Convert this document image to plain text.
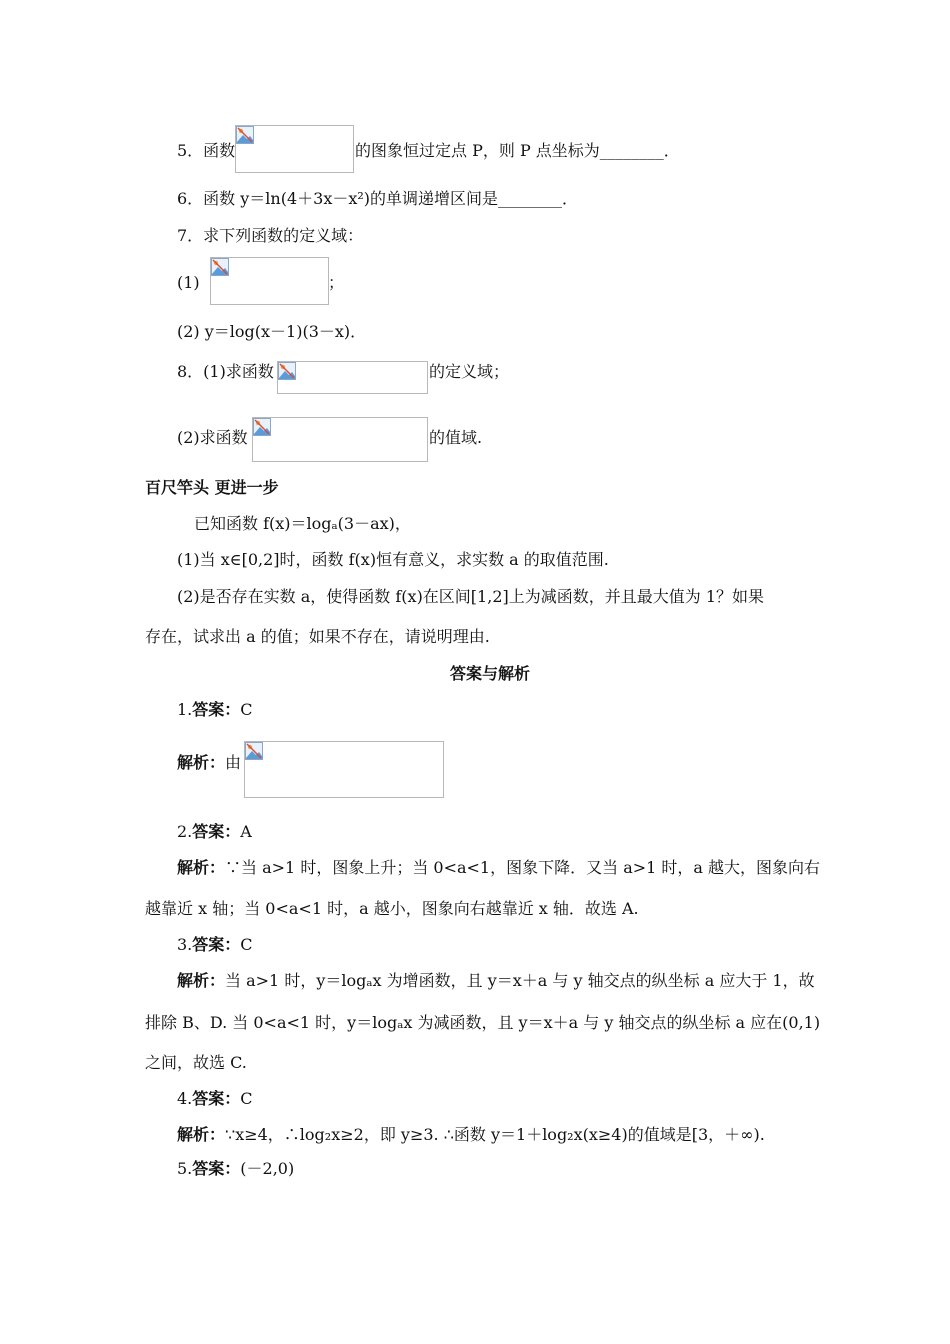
5．函数	的图象恒过定点 P，则 P 点坐标为________．
6．函数 y＝ln(4＋3x－x²)的单调递增区间是________．
7．求下列函数的定义域：
(1)	；
(2) y＝log(x－1)(3－x)．
8．(1)求函数	的定义域；
(2)求函数	的值域.
百尺竿头 更进一步
已知函数 f(x)＝logₐ(3－ax)，
(1)当 x∈[0,2]时，函数 f(x)恒有意义，求实数 a 的取值范围.
(2)是否存在实数 a，使得函数 f(x)在区间[1,2]上为减函数，并且最大值为 1？如果
存在，试求出 a 的值；如果不存在，请说明理由.
答案与解析
1.答案：C
解析：由
2.答案：A
解析：∵当 a>1 时，图象上升；当 0<a<1，图象下降．又当 a>1 时，a 越大，图象向右
越靠近 x 轴；当 0<a<1 时，a 越小，图象向右越靠近 x 轴．故选 A.
3.答案：C
解析：当 a>1 时，y＝logₐx 为增函数，且 y＝x＋a 与 y 轴交点的纵坐标 a 应大于 1，故
排除 B、D. 当 0<a<1 时，y＝logₐx 为减函数，且 y＝x＋a 与 y 轴交点的纵坐标 a 应在(0,1)
之间，故选 C.
4.答案：C
解析：∵x≥4，∴log₂x≥2，即 y≥3. ∴函数 y＝1＋log₂x(x≥4)的值域是[3，＋∞).
5.答案：(－2,0)
